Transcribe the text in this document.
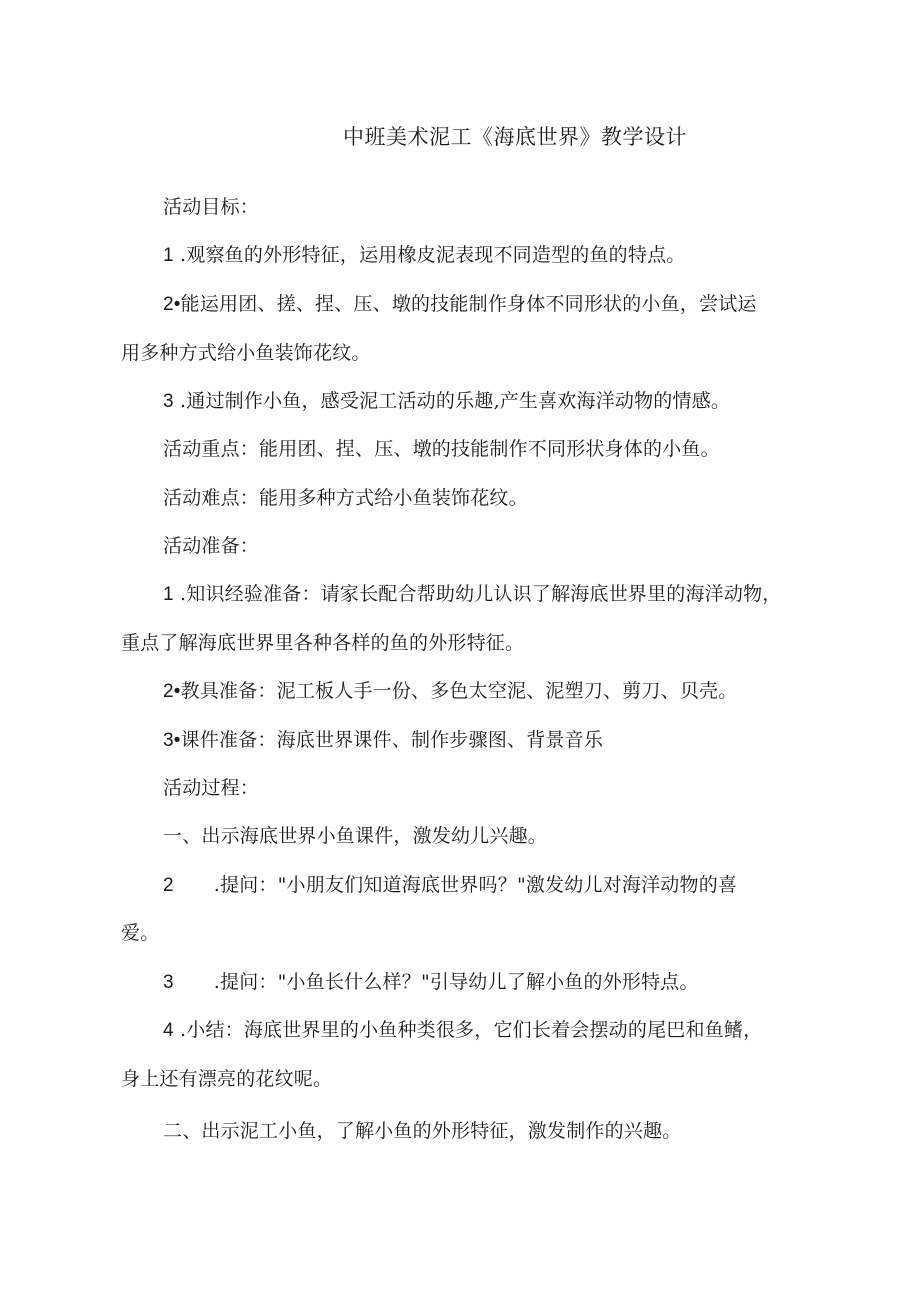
中班美术泥工《海底世界》教学设计
活动目标：
1 .观察鱼的外形特征，运用橡皮泥表现不同造型的鱼的特点。
2•能运用团、搓、捏、压、墩的技能制作身体不同形状的小鱼，尝试运
用多种方式给小鱼装饰花纹。
3 .通过制作小鱼，感受泥工活动的乐趣,产生喜欢海洋动物的情感。
活动重点：能用团、捏、压、墩的技能制作不同形状身体的小鱼。
活动难点：能用多种方式给小鱼装饰花纹。
活动准备：
1 .知识经验准备：请家长配合帮助幼儿认识了解海底世界里的海洋动物，
重点了解海底世界里各种各样的鱼的外形特征。
2•教具准备：泥工板人手一份、多色太空泥、泥塑刀、剪刀、贝壳。
3•课件准备：海底世界课件、制作步骤图、背景音乐
活动过程：
一、出示海底世界小鱼课件，激发幼儿兴趣。
2 .提问："小朋友们知道海底世界吗？"激发幼儿对海洋动物的喜
爱。
3 .提问："小鱼长什么样？"引导幼儿了解小鱼的外形特点。
4 .小结：海底世界里的小鱼种类很多，它们长着会摆动的尾巴和鱼鳍，
身上还有漂亮的花纹呢。
二、出示泥工小鱼，了解小鱼的外形特征，激发制作的兴趣。
